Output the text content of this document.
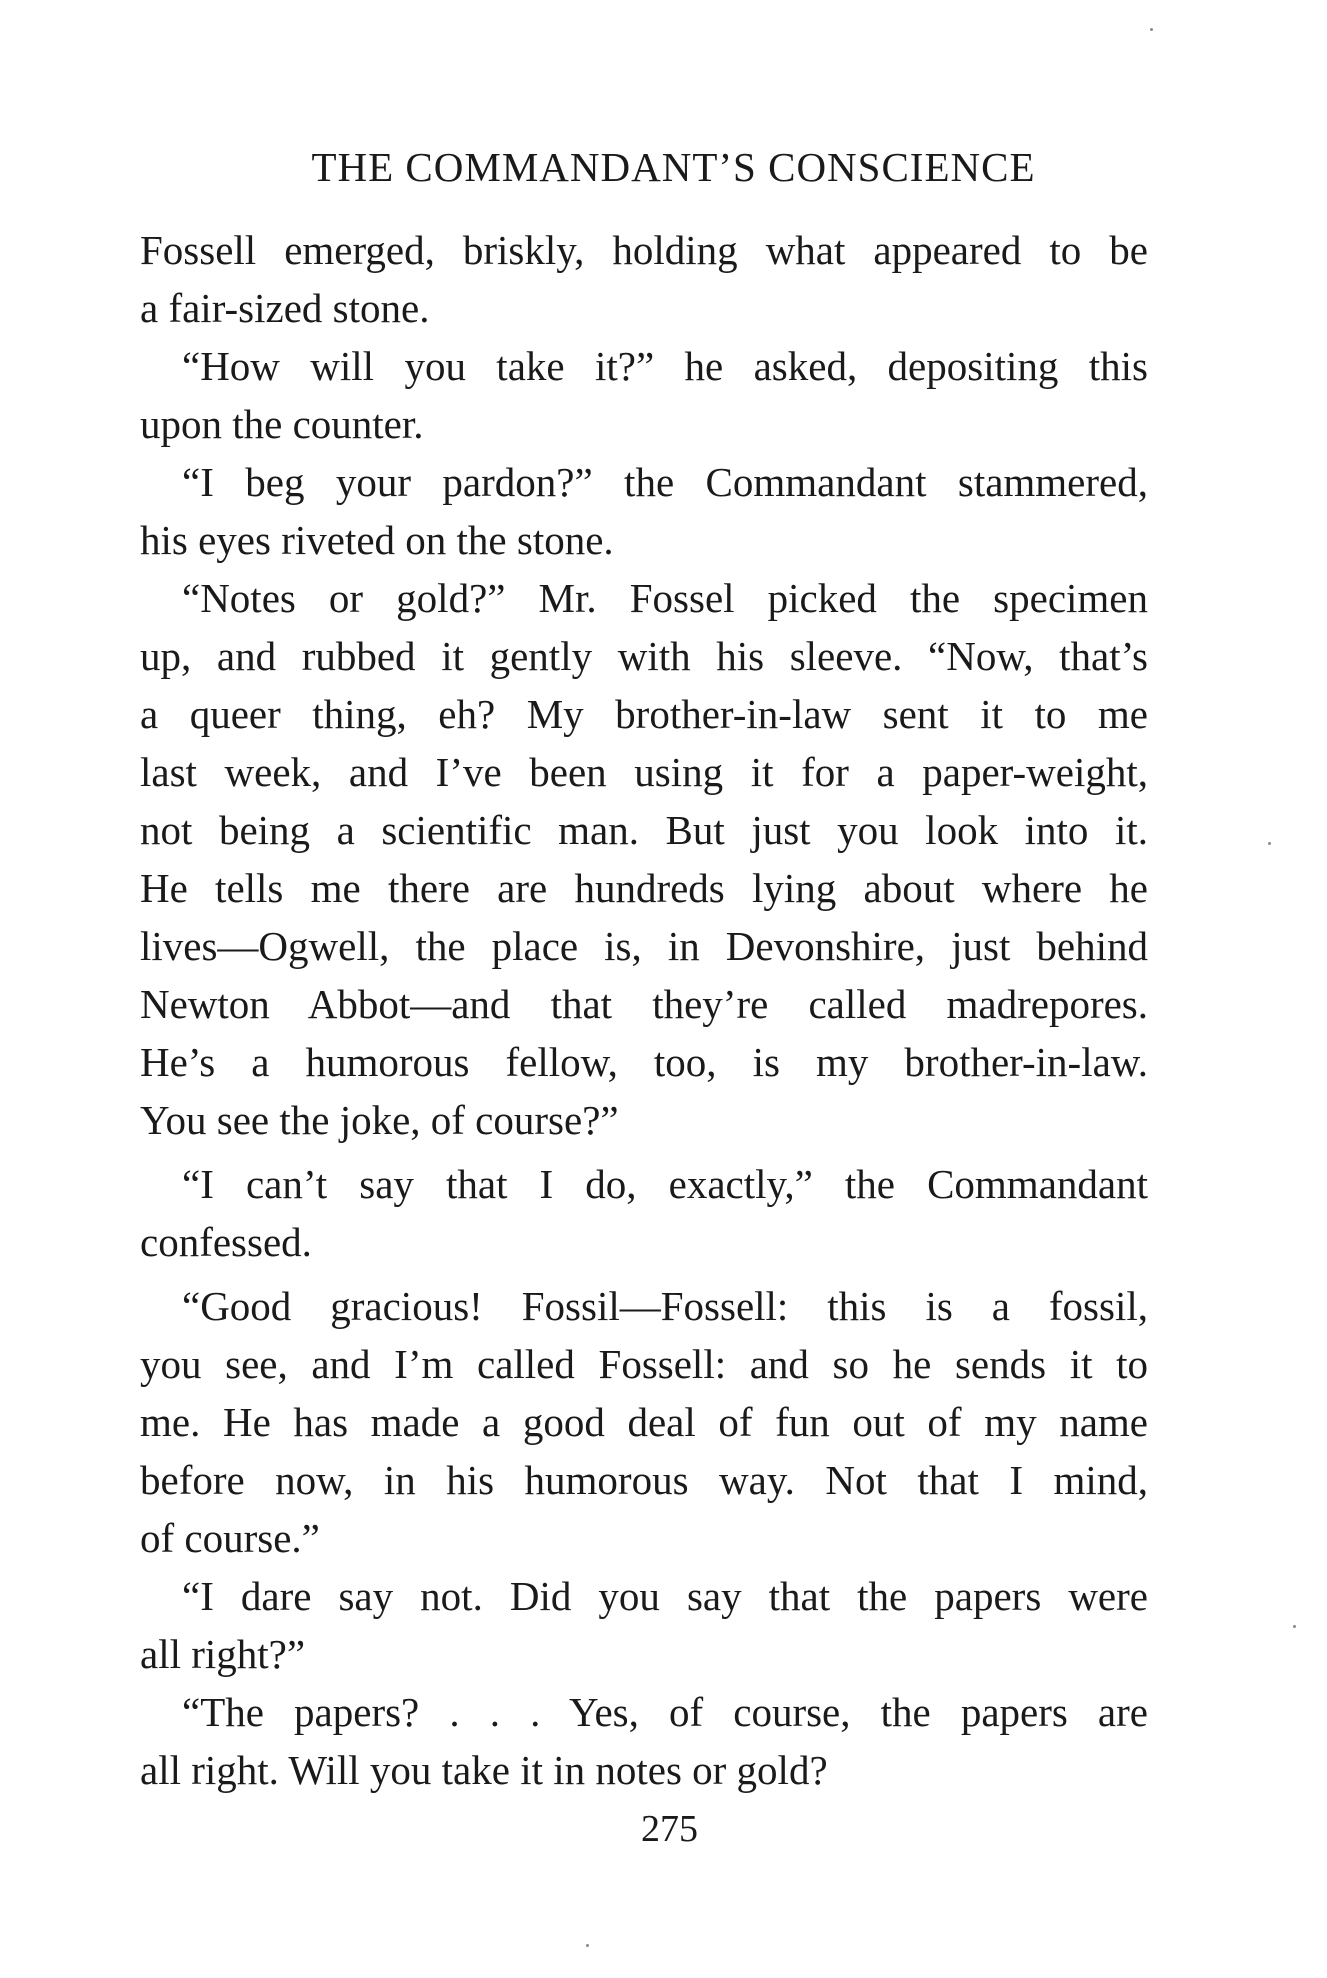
THE COMMANDANT’S CONSCIENCE
Fossell emerged, briskly, holding what appeared to be
a fair-sized stone.
“How will you take it?” he asked, depositing this
upon the counter.
“I beg your pardon?” the Commandant stammered,
his eyes riveted on the stone.
“Notes or gold?” Mr. Fossel picked the specimen
up, and rubbed it gently with his sleeve. “Now, that’s
a queer thing, eh? My brother-in-law sent it to me
last week, and I’ve been using it for a paper-weight,
not being a scientific man. But just you look into it.
He tells me there are hundreds lying about where he
lives—Ogwell, the place is, in Devonshire, just behind
Newton Abbot—and that they’re called madrepores.
He’s a humorous fellow, too, is my brother-in-law.
You see the joke, of course?”
“I can’t say that I do, exactly,” the Commandant
confessed.
“Good gracious! Fossil—Fossell: this is a fossil,
you see, and I’m called Fossell: and so he sends it to
me. He has made a good deal of fun out of my name
before now, in his humorous way. Not that I mind,
of course.”
“I dare say not. Did you say that the papers were
all right?”
“The papers? . . . Yes, of course, the papers are
all right. Will you take it in notes or gold?
275
